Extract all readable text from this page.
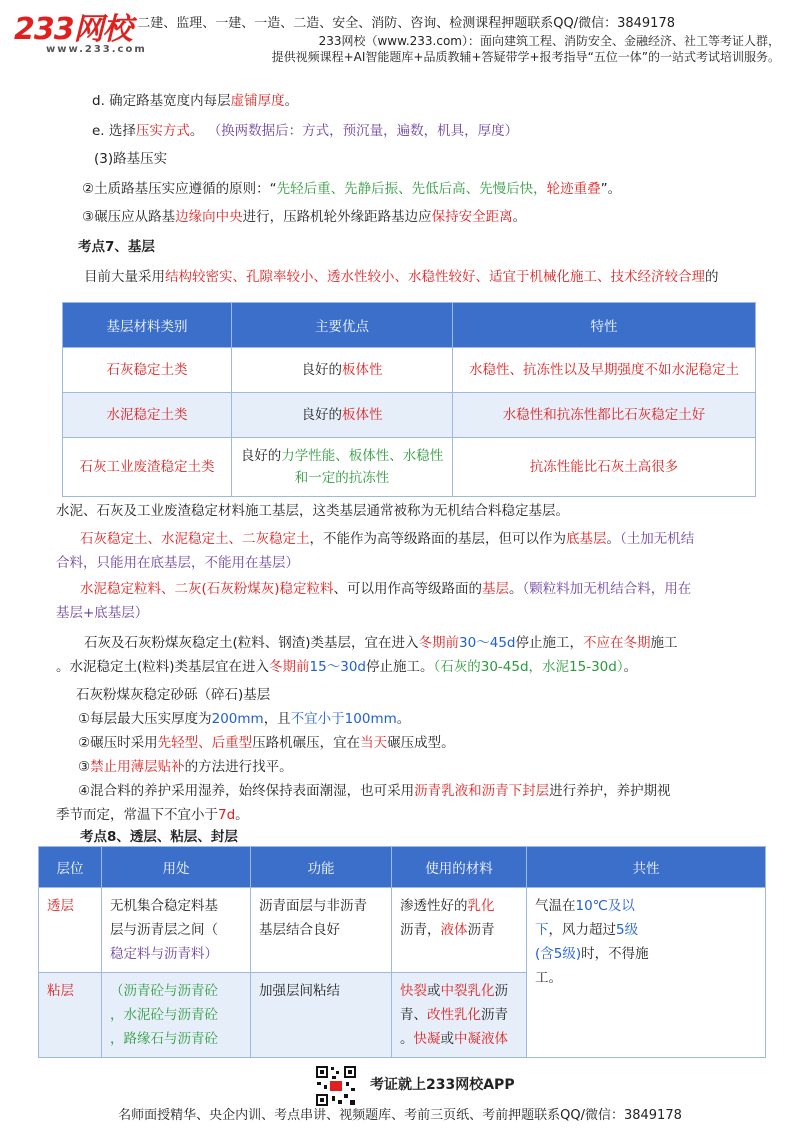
233网校
www.233.com
二建、监理、一建、一造、二造、安全、消防、咨询、检测课程押题联系QQ/微信：3849178
233网校（www.233.com）：面向建筑工程、消防安全、金融经济、社工等考证人群，
提供视频课程+AI智能题库+品质教辅+答疑带学+报考指导“五位一体”的一站式考试培训服务。
d. 确定路基宽度内每层虚铺厚度。
e. 选择压实方式。 （换两数据后：方式，预沉量，遍数，机具，厚度）
(3)路基压实
②土质路基压实应遵循的原则：“先轻后重、先静后振、先低后高、先慢后快，轮迹重叠”。
③碾压应从路基边缘向中央进行，压路机轮外缘距路基边应保持安全距离。
考点7、基层
目前大量采用结构较密实、孔隙率较小、透水性较小、水稳性较好、适宜于机械化施工、技术经济较合理的
基层材料类别	主要优点	特性
石灰稳定土类	良好的板体性	水稳性、抗冻性以及早期强度不如水泥稳定土
水泥稳定土类	良好的板体性	水稳性和抗冻性都比石灰稳定土好
石灰工业废渣稳定土类	良好的力学性能、板体性、水稳性
和一定的抗冻性	抗冻性能比石灰土高很多
水泥、石灰及工业废渣稳定材料施工基层，这类基层通常被称为无机结合料稳定基层。
石灰稳定土、水泥稳定土、二灰稳定土，不能作为高等级路面的基层，但可以作为底基层。（土加无机结
合料，只能用在底基层，不能用在基层）
水泥稳定粒料、二灰(石灰粉煤灰)稳定粒料、可以用作高等级路面的基层。（颗粒料加无机结合料，用在
基层+底基层）
石灰及石灰粉煤灰稳定土(粒料、钢渣)类基层，宜在进入冬期前30～45d停止施工，不应在冬期施工
。水泥稳定土(粒料)类基层宜在进入冬期前15～30d停止施工。（石灰的30-45d，水泥15-30d）。
石灰粉煤灰稳定砂砾（碎石)基层
①每层最大压实厚度为200mm，且不宜小于100mm。
②碾压时采用先轻型、后重型压路机碾压，宜在当天碾压成型。
③禁止用薄层贴补的方法进行找平。
④混合料的养护采用湿养，始终保持表面潮湿，也可采用沥青乳液和沥青下封层进行养护，养护期视
季节而定，常温下不宜小于7d。
考点8、透层、粘层、封层
层位	用处	功能	使用的材料	共性
透层	无机集合稳定料基
层与沥青层之间（
稳定料与沥青料）	沥青面层与非沥青
基层结合良好	渗透性好的乳化
沥青，液体沥青	气温在10℃及以
下，风力超过5级
(含5级)时，不得施
工。
粘层	（沥青砼与沥青砼
，水泥砼与沥青砼
，路缘石与沥青砼	加强层间粘结	快裂或中裂乳化沥
青、改性乳化沥青
。快凝或中凝液体	
考证就上233网校APP
名师面授精华、央企内训、考点串讲、视频题库、考前三页纸、考前押题联系QQ/微信：3849178
